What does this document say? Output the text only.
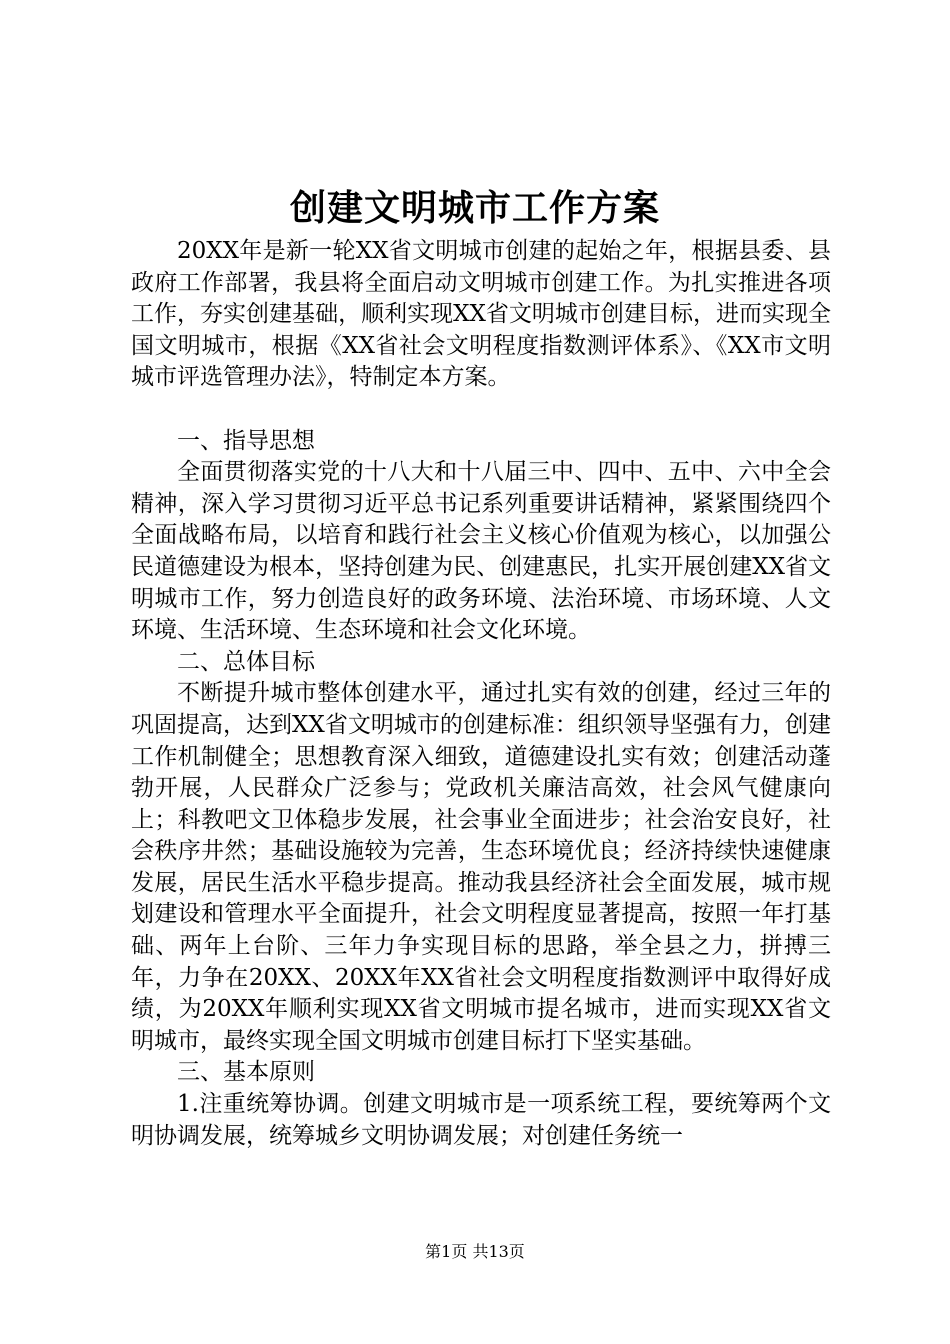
创建文明城市工作方案

20XX年是新一轮XX省文明城市创建的起始之年，根据县委、县政府工作部署，我县将全面启动文明城市创建工作。为扎实推进各项工作，夯实创建基础，顺利实现XX省文明城市创建目标，进而实现全国文明城市，根据《XX省社会文明程度指数测评体系》、《XX市文明城市评选管理办法》，特制定本方案。

一、指导思想

全面贯彻落实党的十八大和十八届三中、四中、五中、六中全会精神，深入学习贯彻习近平总书记系列重要讲话精神，紧紧围绕四个全面战略布局，以培育和践行社会主义核心价值观为核心，以加强公民道德建设为根本，坚持创建为民、创建惠民，扎实开展创建XX省文明城市工作，努力创造良好的政务环境、法治环境、市场环境、人文环境、生活环境、生态环境和社会文化环境。

二、总体目标

不断提升城市整体创建水平，通过扎实有效的创建，经过三年的巩固提高，达到XX省文明城市的创建标准：组织领导坚强有力，创建工作机制健全；思想教育深入细致，道德建设扎实有效；创建活动蓬勃开展，人民群众广泛参与；党政机关廉洁高效，社会风气健康向上；科教吧文卫体稳步发展，社会事业全面进步；社会治安良好，社会秩序井然；基础设施较为完善，生态环境优良；经济持续快速健康发展，居民生活水平稳步提高。推动我县经济社会全面发展，城市规划建设和管理水平全面提升，社会文明程度显著提高，按照一年打基础、两年上台阶、三年力争实现目标的思路，举全县之力，拼搏三年，力争在20XX、20XX年XX省社会文明程度指数测评中取得好成绩，为20XX年顺利实现XX省文明城市提名城市，进而实现XX省文明城市，最终实现全国文明城市创建目标打下坚实基础。

三、基本原则

1.注重统筹协调。创建文明城市是一项系统工程，要统筹两个文明协调发展，统筹城乡文明协调发展；对创建任务统一

第1页 共13页
